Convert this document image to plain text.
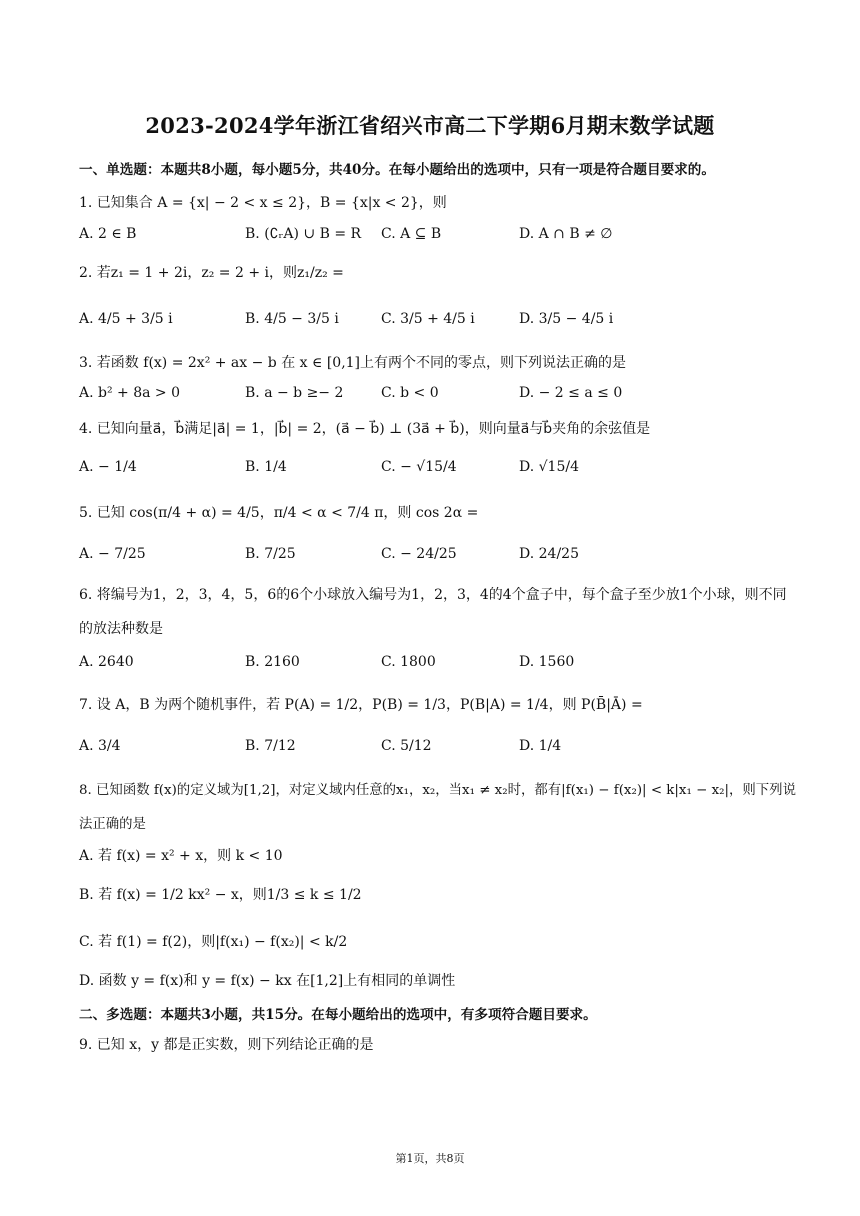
2023-2024学年浙江省绍兴市高二下学期6月期末数学试题
一、单选题：本题共8小题，每小题5分，共40分。在每小题给出的选项中，只有一项是符合题目要求的。
1. 已知集合 A = {x| − 2 < x ≤ 2}，B = {x|x < 2}，则
A. 2 ∈ B	B. (∁ᵣA) ∪ B = R C. A ⊆ B	D. A ∩ B ≠ ∅
2. 若z₁ = 1 + 2i，z₂ = 2 + i，则z₁/z₂ =
A. 4/5 + 3/5 i	B. 4/5 − 3/5 i	C. 3/5 + 4/5 i	D. 3/5 − 4/5 i
3. 若函数 f(x) = 2x² + ax − b 在 x ∈ [0,1]上有两个不同的零点，则下列说法正确的是
A. b² + 8a > 0	B. a − b ≥− 2	C. b < 0	D. − 2 ≤ a ≤ 0
4. 已知向量a⃗，b⃗满足|a⃗| = 1，|b⃗| = 2，(a⃗ − b⃗) ⊥ (3a⃗ + b⃗)，则向量a⃗与b⃗夹角的余弦值是
A. − 1/4	B. 1/4	C. − √15/4	D. √15/4
5. 已知 cos(π/4 + α) = 4/5，π/4 < α < 7/4 π，则 cos 2α =
A. − 7/25	B. 7/25	C. − 24/25	D. 24/25
6. 将编号为1，2，3，4，5，6的6个小球放入编号为1，2，3，4的4个盒子中，每个盒子至少放1个小球，则不同的放法种数是
A. 2640	B. 2160	C. 1800	D. 1560
7. 设 A，B 为两个随机事件，若 P(A) = 1/2，P(B) = 1/3，P(B|A) = 1/4，则 P(B̄|Ā) =
A. 3/4	B. 7/12	C. 5/12	D. 1/4
8. 已知函数 f(x)的定义域为[1,2]，对定义域内任意的x₁，x₂，当x₁ ≠ x₂时，都有|f(x₁) − f(x₂)| < k|x₁ − x₂|，则下列说法正确的是
A. 若 f(x) = x² + x，则 k < 10
B. 若 f(x) = 1/2 kx² − x，则1/3 ≤ k ≤ 1/2
C. 若 f(1) = f(2)，则|f(x₁) − f(x₂)| < k/2
D. 函数 y = f(x)和 y = f(x) − kx 在[1,2]上有相同的单调性
二、多选题：本题共3小题，共15分。在每小题给出的选项中，有多项符合题目要求。
9. 已知 x，y 都是正实数，则下列结论正确的是
第1页，共8页
